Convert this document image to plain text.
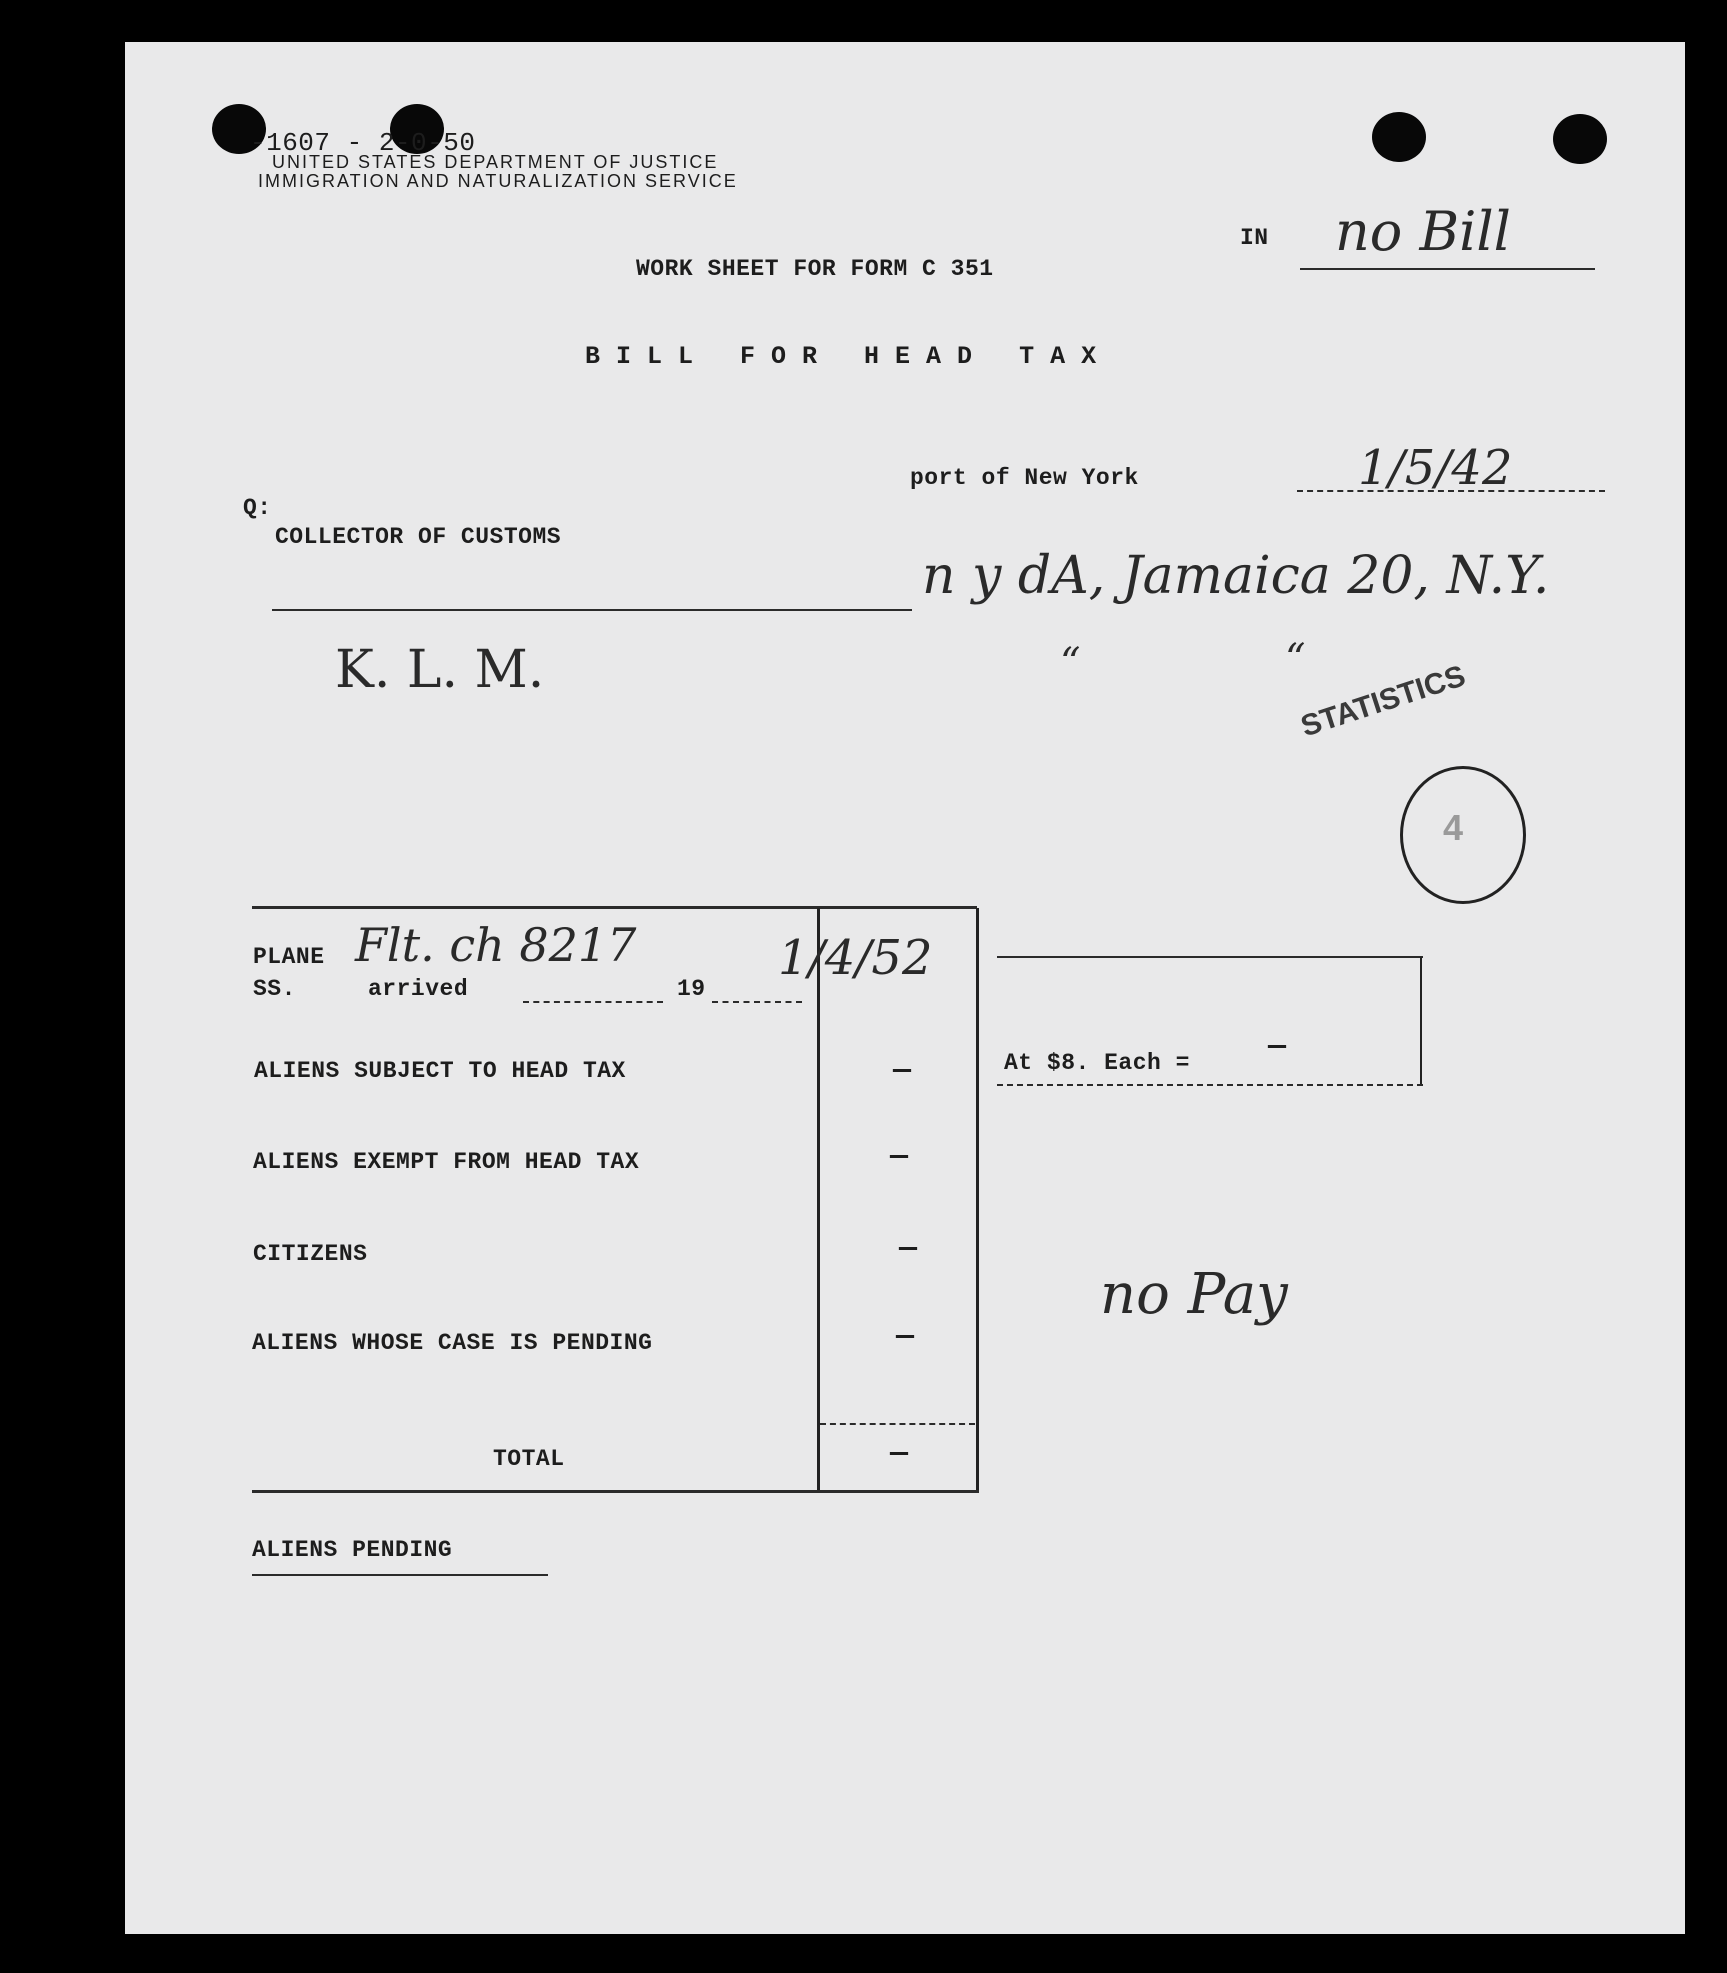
-1607 - 2-0-50
UNITED STATES DEPARTMENT OF JUSTICE
IMMIGRATION AND NATURALIZATION SERVICE
IN no Bill
WORK SHEET FOR FORM C 351
B I L L   F O R   H E A D   T A X
port of New York	1/5/42
Q:
COLLECTOR OF CUSTOMS
n y dA, Jamaica 20, N.Y.
“	“
K. L. M.	STATISTICS
4
PLANE
SS.	arrived	19
Flt. ch 8217	1/4/52
ALIENS SUBJECT TO HEAD TAX	—
ALIENS EXEMPT FROM HEAD TAX	—
CITIZENS	—
ALIENS WHOSE CASE IS PENDING	—
TOTAL	—
At $8. Each =	—
no Pay
ALIENS PENDING
